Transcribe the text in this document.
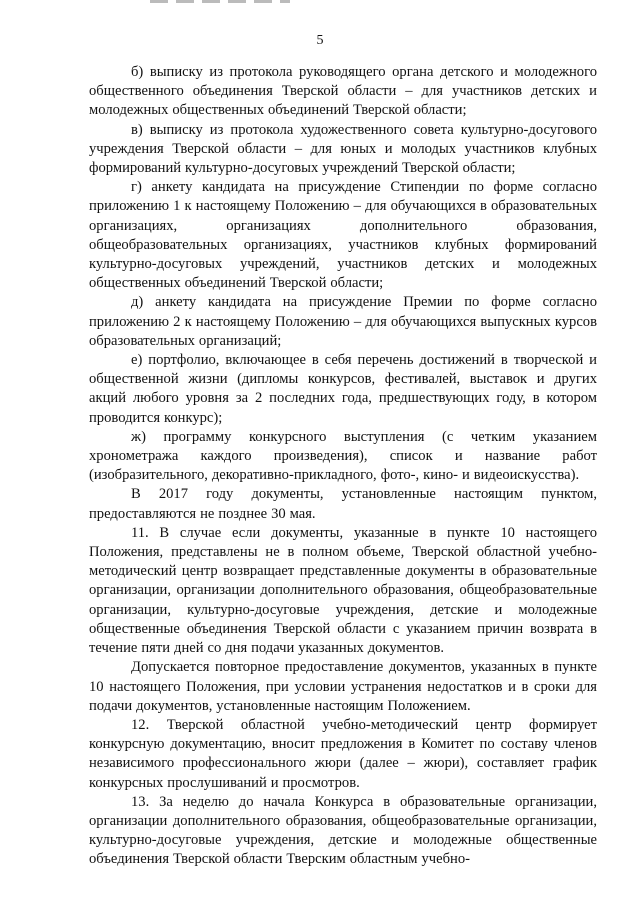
5

б) выписку из протокола руководящего органа детского и молодежного общественного объединения Тверской области – для участников детских и молодежных общественных объединений Тверской области;

в) выписку из протокола художественного совета культурно-досугового учреждения Тверской области – для юных и молодых участников клубных формирований культурно-досуговых учреждений Тверской области;

г) анкету кандидата на присуждение Стипендии по форме согласно приложению 1 к настоящему Положению – для обучающихся в образовательных организациях, организациях дополнительного образования, общеобразовательных организациях, участников клубных формирований культурно-досуговых учреждений, участников детских и молодежных общественных объединений Тверской области;

д) анкету кандидата на присуждение Премии по форме согласно приложению 2 к настоящему Положению – для обучающихся выпускных курсов образовательных организаций;

е) портфолио, включающее в себя перечень достижений в творческой и общественной жизни (дипломы конкурсов, фестивалей, выставок и других акций любого уровня за 2 последних года, предшествующих году, в котором проводится конкурс);

ж) программу конкурсного выступления (с четким указанием хронометража каждого произведения), список и название работ (изобразительного, декоративно-прикладного, фото-, кино- и видеоискусства).

В 2017 году документы, установленные настоящим пунктом, предоставляются не позднее 30 мая.

11. В случае если документы, указанные в пункте 10 настоящего Положения, представлены не в полном объеме, Тверской областной учебно-методический центр возвращает представленные документы в образовательные организации, организации дополнительного образования, общеобразовательные организации, культурно-досуговые учреждения, детские и молодежные общественные объединения Тверской области с указанием причин возврата в течение пяти дней со дня подачи указанных документов.

Допускается повторное предоставление документов, указанных в пункте 10 настоящего Положения, при условии устранения недостатков и в сроки для подачи документов, установленные настоящим Положением.

12. Тверской областной учебно-методический центр формирует конкурсную документацию, вносит предложения в Комитет по составу членов независимого профессионального жюри (далее – жюри), составляет график конкурсных прослушиваний и просмотров.

13. За неделю до начала Конкурса в образовательные организации, организации дополнительного образования, общеобразовательные организации, культурно-досуговые учреждения, детские и молодежные общественные объединения Тверской области Тверским областным учебно-
